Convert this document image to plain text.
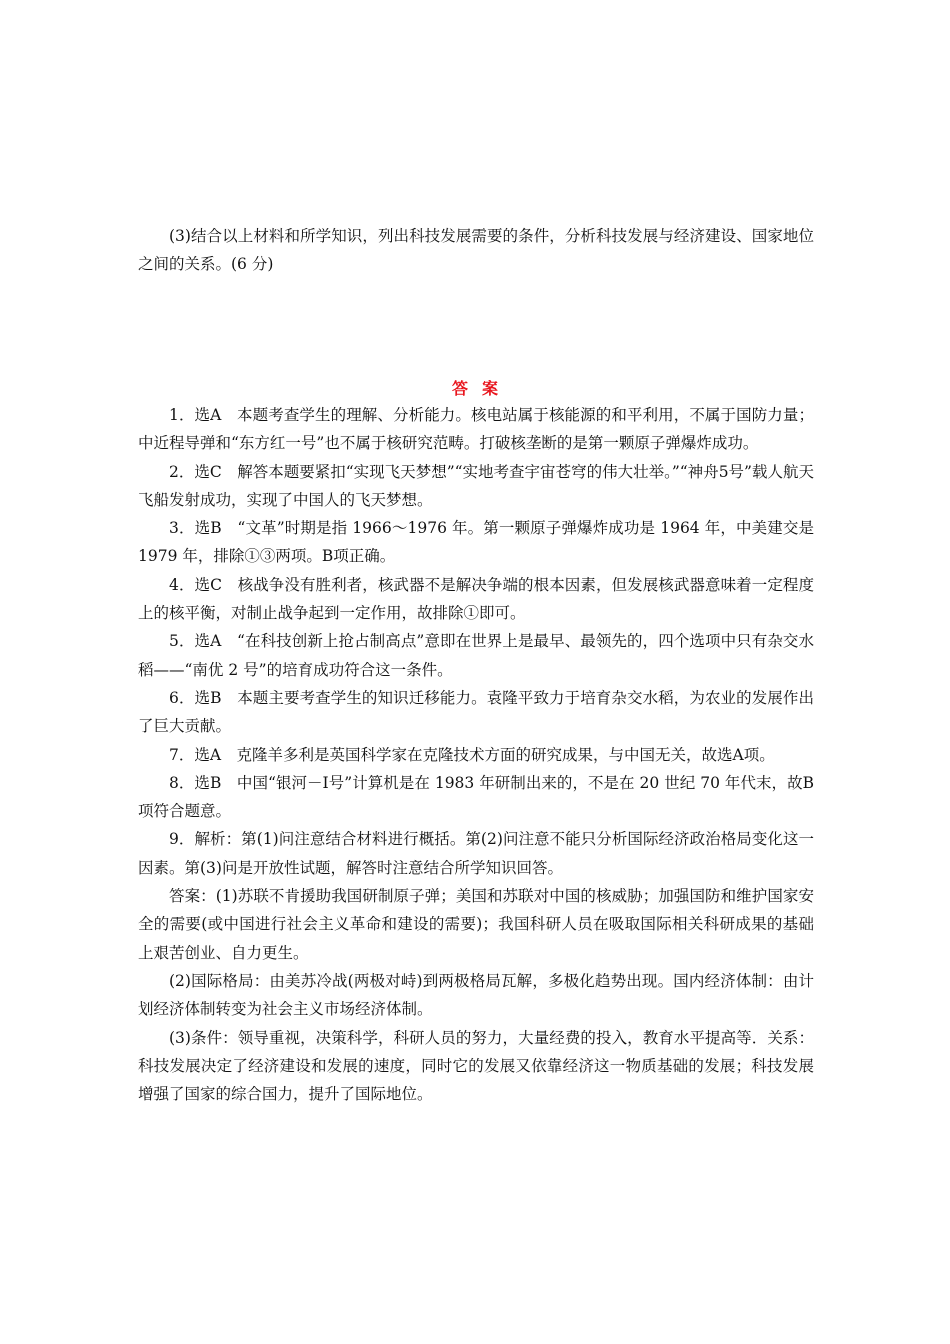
(3)结合以上材料和所学知识，列出科技发展需要的条件，分析科技发展与经济建设、国家地位之间的关系。(6 分)

答案

1．选A　本题考查学生的理解、分析能力。核电站属于核能源的和平利用，不属于国防力量；中近程导弹和“东方红一号”也不属于核研究范畴。打破核垄断的是第一颗原子弹爆炸成功。

2．选C　解答本题要紧扣“实现飞天梦想”“实地考查宇宙苍穹的伟大壮举。”“神舟5号”载人航天飞船发射成功，实现了中国人的飞天梦想。

3．选B　“文革”时期是指 1966～1976 年。第一颗原子弹爆炸成功是 1964 年，中美建交是 1979 年，排除①③两项。B项正确。

4．选C　核战争没有胜利者，核武器不是解决争端的根本因素，但发展核武器意味着一定程度上的核平衡，对制止战争起到一定作用，故排除①即可。

5．选A　“在科技创新上抢占制高点”意即在世界上是最早、最领先的，四个选项中只有杂交水稻——“南优 2 号”的培育成功符合这一条件。

6．选B　本题主要考查学生的知识迁移能力。袁隆平致力于培育杂交水稻，为农业的发展作出了巨大贡献。

7．选A　克隆羊多利是英国科学家在克隆技术方面的研究成果，与中国无关，故选A项。

8．选B　中国“银河－Ⅰ号”计算机是在 1983 年研制出来的，不是在 20 世纪 70 年代末，故B项符合题意。

9．解析：第(1)问注意结合材料进行概括。第(2)问注意不能只分析国际经济政治格局变化这一因素。第(3)问是开放性试题，解答时注意结合所学知识回答。

答案：(1)苏联不肯援助我国研制原子弹；美国和苏联对中国的核威胁；加强国防和维护国家安全的需要(或中国进行社会主义革命和建设的需要)；我国科研人员在吸取国际相关科研成果的基础上艰苦创业、自力更生。

(2)国际格局：由美苏冷战(两极对峙)到两极格局瓦解，多极化趋势出现。国内经济体制：由计划经济体制转变为社会主义市场经济体制。

(3)条件：领导重视，决策科学，科研人员的努力，大量经费的投入，教育水平提高等．关系：科技发展决定了经济建设和发展的速度，同时它的发展又依靠经济这一物质基础的发展；科技发展增强了国家的综合国力，提升了国际地位。
